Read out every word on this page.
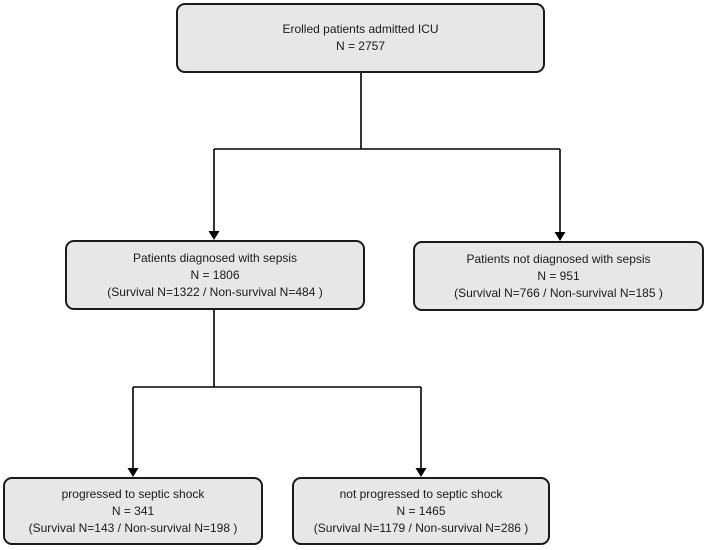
Erolled patients admitted ICU
N = 2757
Patients diagnosed with sepsis
N = 1806
(Survival N=1322 / Non-survival N=484 )
Patients not diagnosed with sepsis
N = 951
(Survival N=766 / Non-survival N=185 )
progressed to septic shock
N = 341
(Survival N=143 / Non-survival N=198 )
not progressed to septic shock
N = 1465
(Survival N=1179 / Non-survival N=286 )
